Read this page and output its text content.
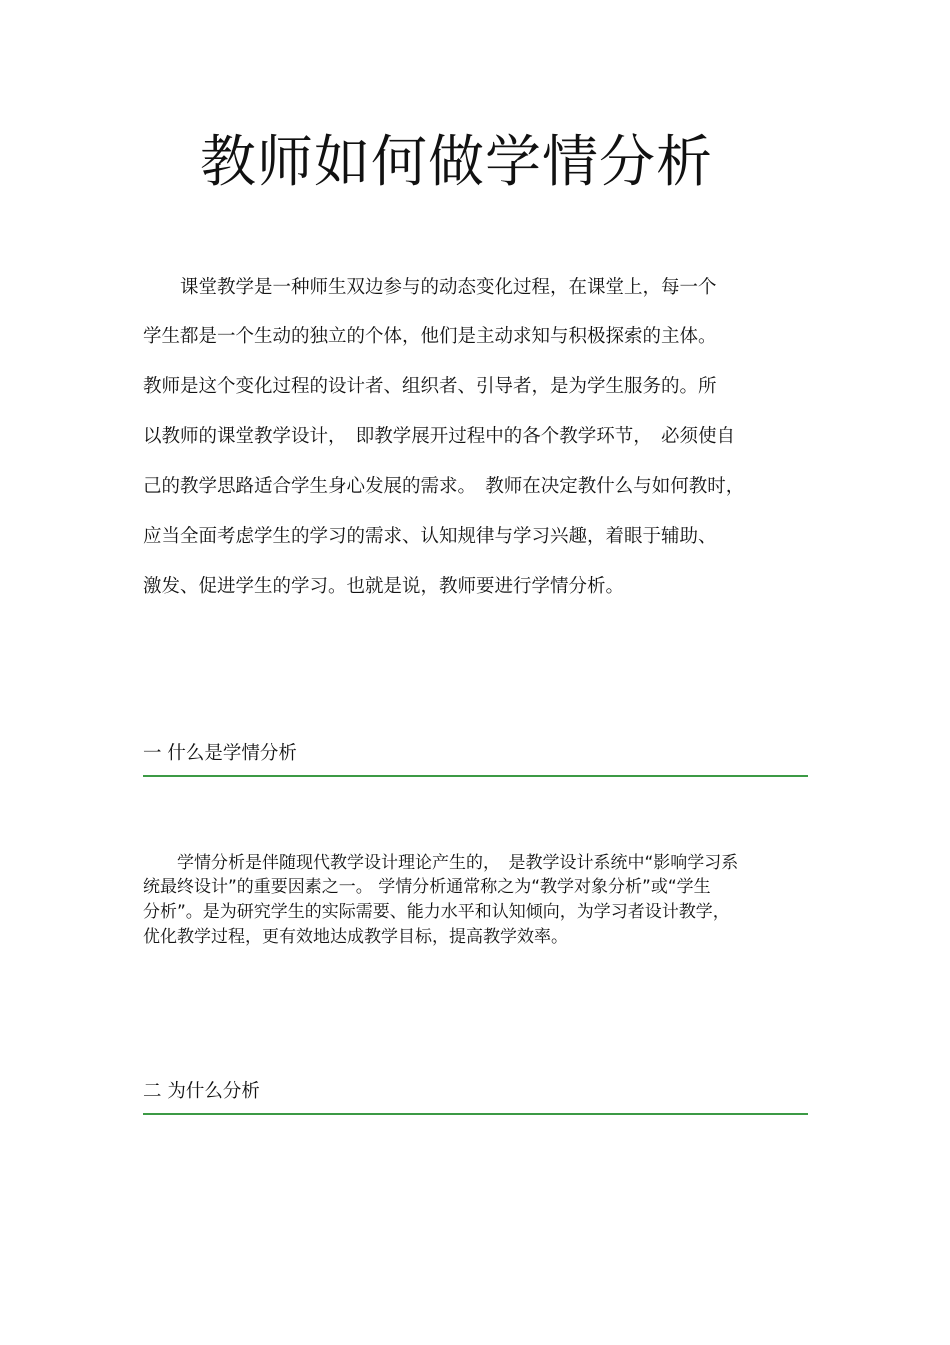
教师如何做学情分析

　　课堂教学是一种师生双边参与的动态变化过程，在课堂上，每一个

学生都是一个生动的独立的个体，他们是主动求知与积极探索的主体。

教师是这个变化过程的设计者、组织者、引导者，是为学生服务的。所

以教师的课堂教学设计，　即教学展开过程中的各个教学环节，　必须使自

己的教学思路适合学生身心发展的需求。　教师在决定教什么与如何教时，

应当全面考虑学生的学习的需求、认知规律与学习兴趣，着眼于辅助、

激发、促进学生的学习。也就是说，教师要进行学情分析。

一 什么是学情分析

　　学情分析是伴随现代教学设计理论产生的，　是教学设计系统中“影响学习系

统最终设计”的重要因素之一。 学情分析通常称之为“教学对象分析”或“学生

分析”。是为研究学生的实际需要、能力水平和认知倾向，为学习者设计教学，

优化教学过程，更有效地达成教学目标，提高教学效率。

二 为什么分析
